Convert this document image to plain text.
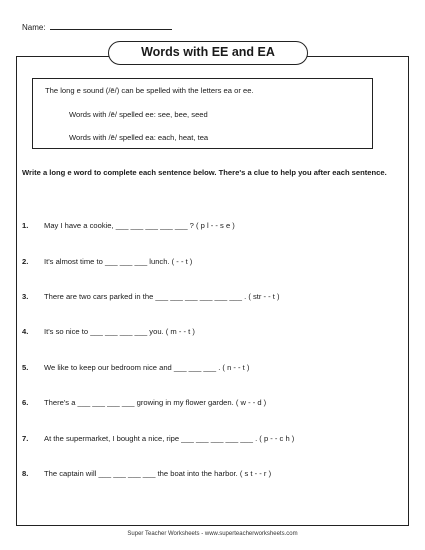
Name:
Words with EE and EA
The long e sound (/ē/) can be spelled with the letters ea or ee.
Words with /ē/ spelled ee: see, bee, seed
Words with /ē/ spelled ea: each, heat, tea
Write a long e word to complete each sentence below. There's a clue to help you after each sentence.
1. May I have a cookie, ___ ___ ___ ___ ___ ? ( p l - - s e )
2. It's almost time to ___ ___ ___ lunch. ( - - t )
3. There are two cars parked in the ___ ___ ___ ___ ___ ___ . ( str - - t )
4. It's so nice to ___ ___ ___ ___ you. ( m - - t )
5. We like to keep our bedroom nice and ___ ___ ___ . ( n - - t )
6. There's a ___ ___ ___ ___ growing in my flower garden. ( w - - d )
7. At the supermarket, I bought a nice, ripe ___ ___ ___ ___ ___ . ( p - - c h )
8. The captain will ___ ___ ___ ___ the boat into the harbor. ( s t - - r )
Super Teacher Worksheets - www.superteacherworksheets.com
